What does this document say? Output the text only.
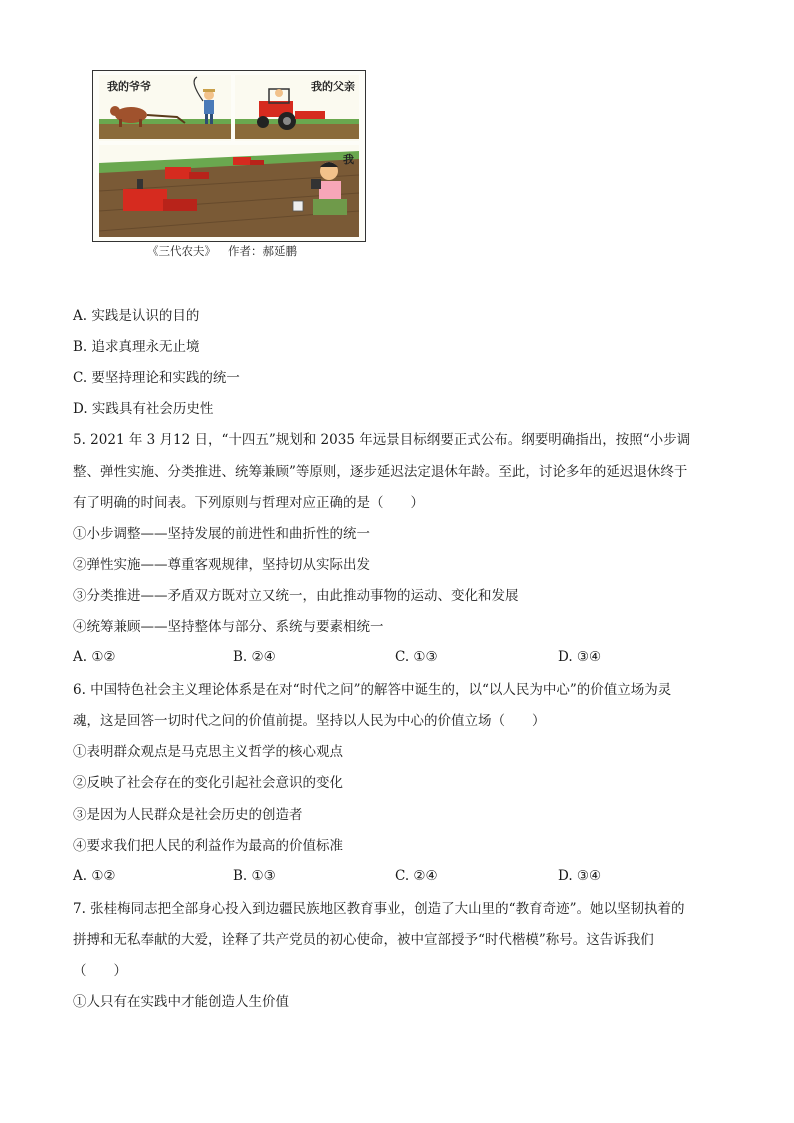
我的爷爷	我的父亲
我
《三代农夫》 作者：郝延鹏
A. 实践是认识的目的
B. 追求真理永无止境
C. 要坚持理论和实践的统一
D. 实践具有社会历史性
5. 2021 年 3 月12 日，“十四五”规划和 2035 年远景目标纲要正式公布。纲要明确指出，按照“小步调
整、弹性实施、分类推进、统筹兼顾”等原则，逐步延迟法定退休年龄。至此，讨论多年的延迟退休终于
有了明确的时间表。下列原则与哲理对应正确的是（　　）
①小步调整——坚持发展的前进性和曲折性的统一
②弹性实施——尊重客观规律，坚持切从实际出发
③分类推进——矛盾双方既对立又统一，由此推动事物的运动、变化和发展
④统筹兼顾——坚持整体与部分、系统与要素相统一
A. ①②	B. ②④	C. ①③	D. ③④
6. 中国特色社会主义理论体系是在对“时代之问”的解答中诞生的，以“以人民为中心”的价值立场为灵
魂，这是回答一切时代之问的价值前提。坚持以人民为中心的价值立场（　　）
①表明群众观点是马克思主义哲学的核心观点
②反映了社会存在的变化引起社会意识的变化
③是因为人民群众是社会历史的创造者
④要求我们把人民的利益作为最高的价值标准
A. ①②	B. ①③	C. ②④	D. ③④
7. 张桂梅同志把全部身心投入到边疆民族地区教育事业，创造了大山里的“教育奇迹”。她以坚韧执着的
拼搏和无私奉献的大爱，诠释了共产党员的初心使命，被中宣部授予“时代楷模”称号。这告诉我们
（　　）
①人只有在实践中才能创造人生价值
